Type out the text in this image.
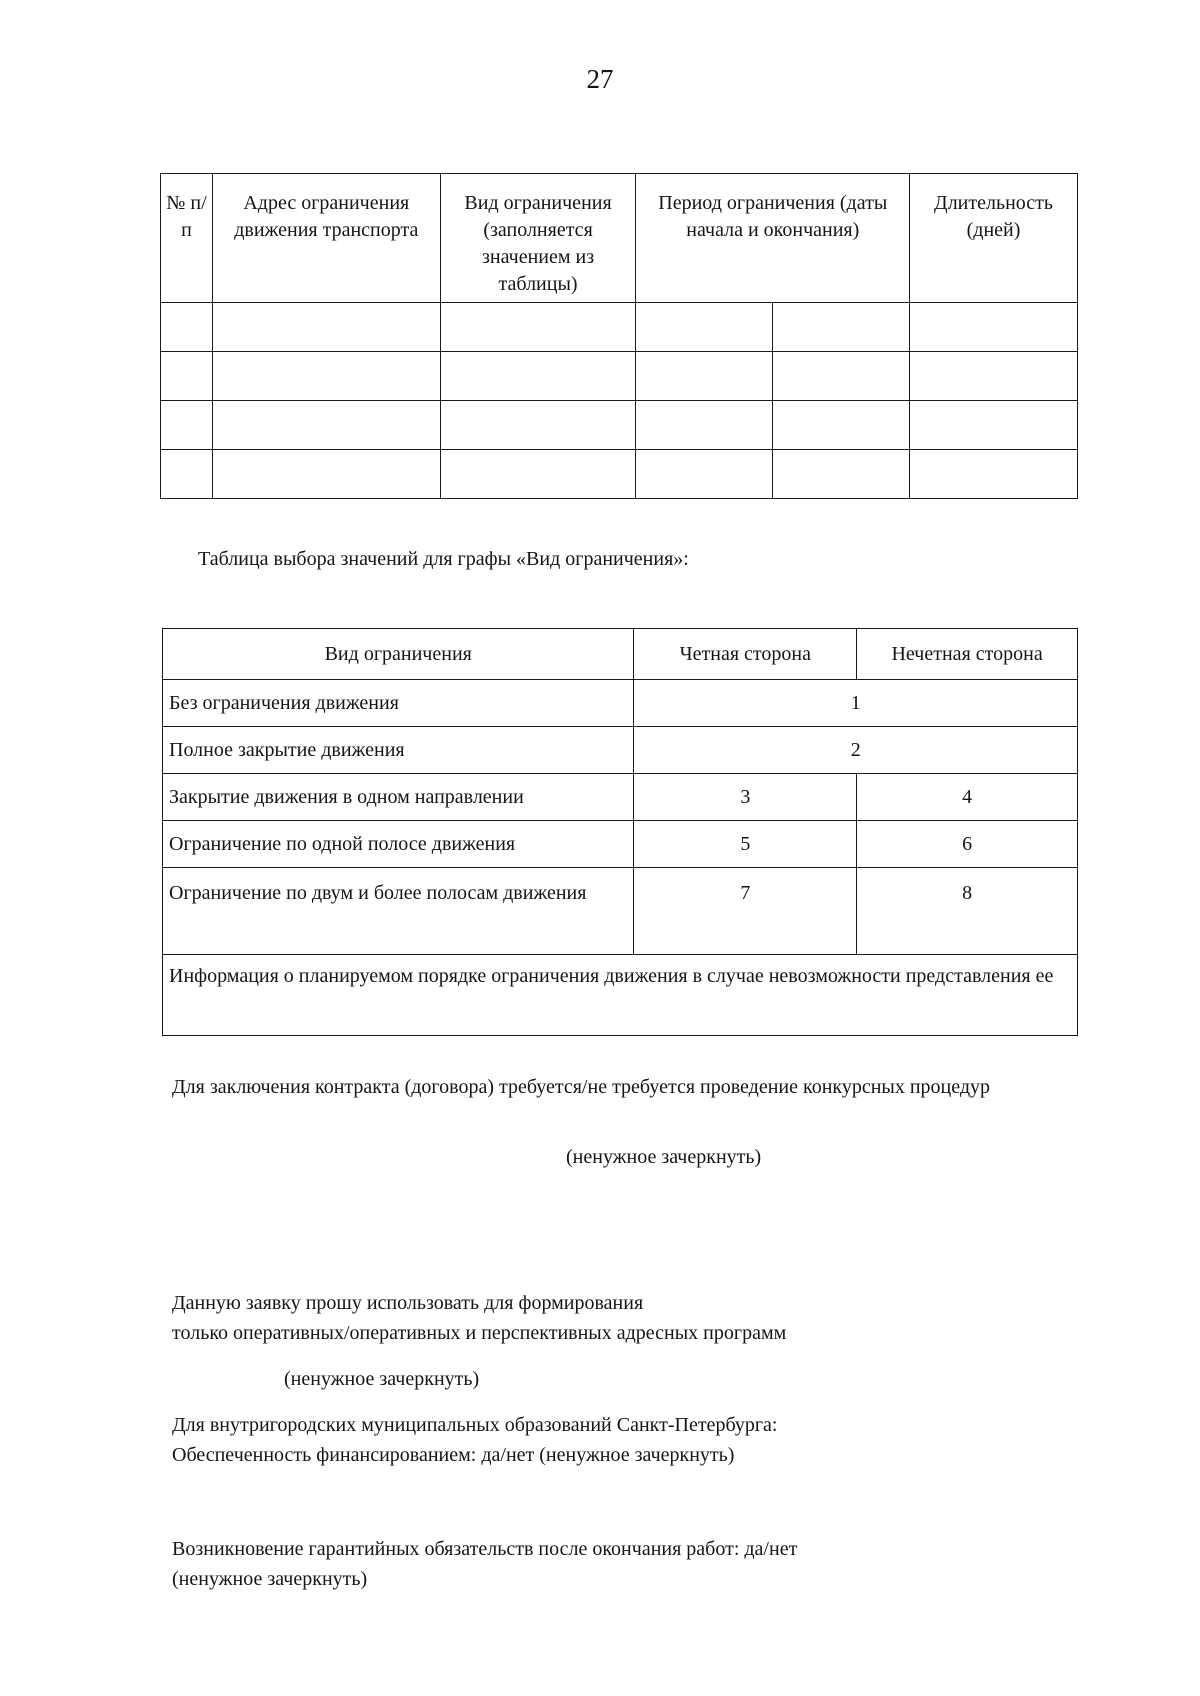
27
№ п/п	Адрес ограничения движения транспорта	Вид ограничения (заполняется значением из таблицы)	Период ограничения (даты начала и окончания)		Длительность (дней)

Таблица выбора значений для графы «Вид ограничения»:
Вид ограничения	Четная сторона	Нечетная сторона
Без ограничения движения	1	
Полное закрытие движения	2	
Закрытие движения в одном направлении	3	4
Ограничение по одной полосе движения	5	6
Ограничение по двум и более полосам движения	7	8
Информация о планируемом порядке ограничения движения в случае невозможности представления ее		
Для заключения контракта (договора) требуется/не требуется проведение конкурсных процедур
(ненужное зачеркнуть)
Данную заявку прошу использовать для формирования
только оперативных/оперативных и перспективных адресных программ
(ненужное зачеркнуть)
Для внутригородских муниципальных образований Санкт-Петербурга:
Обеспеченность финансированием: да/нет (ненужное зачеркнуть)
Возникновение гарантийных обязательств после окончания работ: да/нет
(ненужное зачеркнуть)
